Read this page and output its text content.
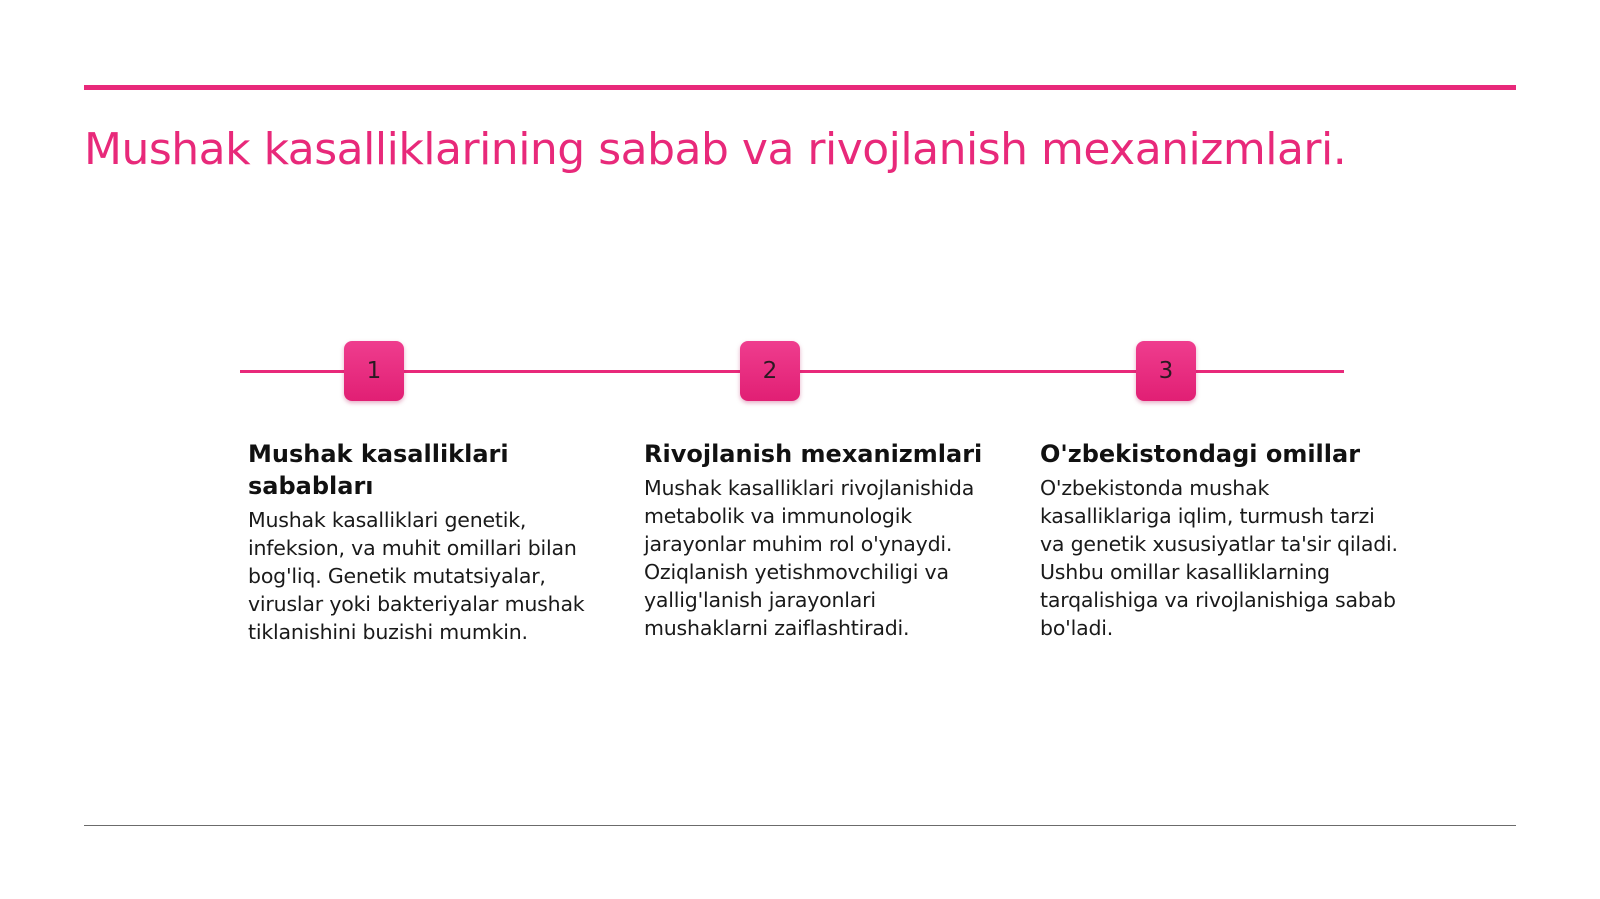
Mushak kasalliklarining sabab va rivojlanish mexanizmlari.
1	2	3
Mushak kasalliklari sababları

Mushak kasalliklari genetik, infeksion, va muhit omillari bilan bog'liq. Genetik mutatsiyalar, viruslar yoki bakteriyalar mushak tiklanishini buzishi mumkin.

Rivojlanish mexanizmlari

Mushak kasalliklari rivojlanishida metabolik va immunologik jarayonlar muhim rol o'ynaydi. Oziqlanish yetishmovchiligi va yallig'lanish jarayonlari mushaklarni zaiflashtiradi.

O'zbekistondagi omillar

O'zbekistonda mushak kasalliklariga iqlim, turmush tarzi va genetik xususiyatlar ta'sir qiladi. Ushbu omillar kasalliklarning tarqalishiga va rivojlanishiga sabab bo'ladi.
